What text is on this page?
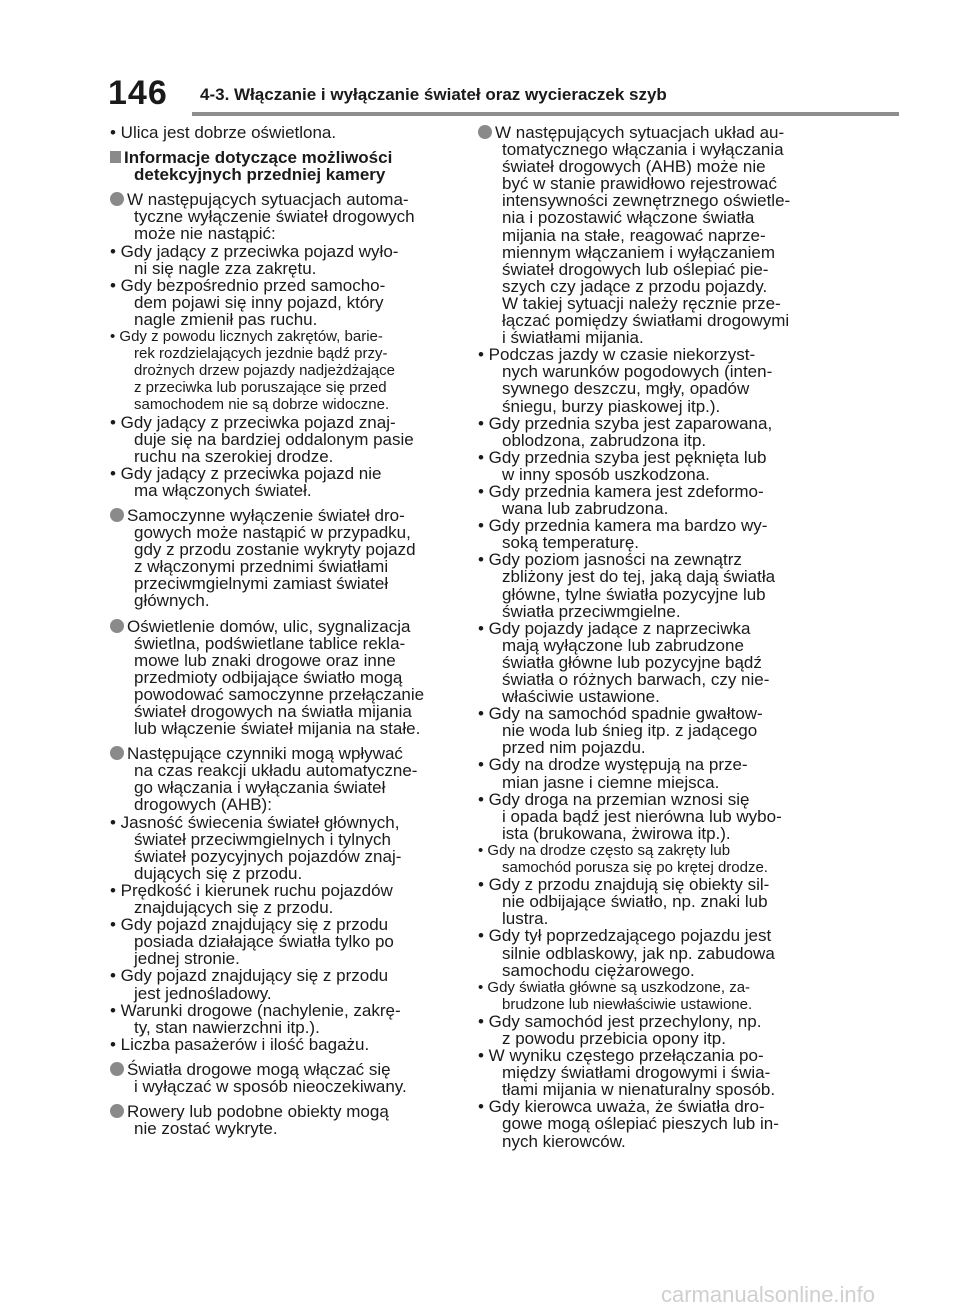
146 4-3. Włączanie i wyłączanie świateł oraz wycieraczek szyb
• Ulica jest dobrze oświetlona.
Informacje dotyczące możliwości
detekcyjnych przedniej kamery
W następujących sytuacjach automa-
tyczne wyłączenie świateł drogowych
może nie nastąpić:
• Gdy jadący z przeciwka pojazd wyło-
ni się nagle zza zakrętu.
• Gdy bezpośrednio przed samocho-
dem pojawi się inny pojazd, który
nagle zmienił pas ruchu.
• Gdy z powodu licznych zakrętów, barie-
rek rozdzielających jezdnie bądź przy-
drożnych drzew pojazdy nadjeżdżające
z przeciwka lub poruszające się przed
samochodem nie są dobrze widoczne.
• Gdy jadący z przeciwka pojazd znaj-
duje się na bardziej oddalonym pasie
ruchu na szerokiej drodze.
• Gdy jadący z przeciwka pojazd nie
ma włączonych świateł.
Samoczynne wyłączenie świateł dro-
gowych może nastąpić w przypadku,
gdy z przodu zostanie wykryty pojazd
z włączonymi przednimi światłami
przeciwmgielnymi zamiast świateł
głównych.
Oświetlenie domów, ulic, sygnalizacja
świetlna, podświetlane tablice rekla-
mowe lub znaki drogowe oraz inne
przedmioty odbijające światło mogą
powodować samoczynne przełączanie
świateł drogowych na światła mijania
lub włączenie świateł mijania na stałe.
Następujące czynniki mogą wpływać
na czas reakcji układu automatyczne-
go włączania i wyłączania świateł
drogowych (AHB):
• Jasność świecenia świateł głównych,
świateł przeciwmgielnych i tylnych
świateł pozycyjnych pojazdów znaj-
dujących się z przodu.
• Prędkość i kierunek ruchu pojazdów
znajdujących się z przodu.
• Gdy pojazd znajdujący się z przodu
posiada działające światła tylko po
jednej stronie.
• Gdy pojazd znajdujący się z przodu
jest jednośladowy.
• Warunki drogowe (nachylenie, zakrę-
ty, stan nawierzchni itp.).
• Liczba pasażerów i ilość bagażu.
Światła drogowe mogą włączać się
i wyłączać w sposób nieoczekiwany.
Rowery lub podobne obiekty mogą
nie zostać wykryte.
W następujących sytuacjach układ au-
tomatycznego włączania i wyłączania
świateł drogowych (AHB) może nie
być w stanie prawidłowo rejestrować
intensywności zewnętrznego oświetle-
nia i pozostawić włączone światła
mijania na stałe, reagować naprze-
miennym włączaniem i wyłączaniem
świateł drogowych lub oślepiać pie-
szych czy jadące z przodu pojazdy.
W takiej sytuacji należy ręcznie prze-
łączać pomiędzy światłami drogowymi
i światłami mijania.
• Podczas jazdy w czasie niekorzyst-
nych warunków pogodowych (inten-
sywnego deszczu, mgły, opadów
śniegu, burzy piaskowej itp.).
• Gdy przednia szyba jest zaparowana,
oblodzona, zabrudzona itp.
• Gdy przednia szyba jest pęknięta lub
w inny sposób uszkodzona.
• Gdy przednia kamera jest zdeformo-
wana lub zabrudzona.
• Gdy przednia kamera ma bardzo wy-
soką temperaturę.
• Gdy poziom jasności na zewnątrz
zbliżony jest do tej, jaką dają światła
główne, tylne światła pozycyjne lub
światła przeciwmgielne.
• Gdy pojazdy jadące z naprzeciwka
mają wyłączone lub zabrudzone
światła główne lub pozycyjne bądź
światła o różnych barwach, czy nie-
właściwie ustawione.
• Gdy na samochód spadnie gwałtow-
nie woda lub śnieg itp. z jadącego
przed nim pojazdu.
• Gdy na drodze występują na prze-
mian jasne i ciemne miejsca.
• Gdy droga na przemian wznosi się
i opada bądź jest nierówna lub wybo-
ista (brukowana, żwirowa itp.).
• Gdy na drodze często są zakręty lub
samochód porusza się po krętej drodze.
• Gdy z przodu znajdują się obiekty sil-
nie odbijające światło, np. znaki lub
lustra.
• Gdy tył poprzedzającego pojazdu jest
silnie odblaskowy, jak np. zabudowa
samochodu ciężarowego.
• Gdy światła główne są uszkodzone, za-
brudzone lub niewłaściwie ustawione.
• Gdy samochód jest przechylony, np.
z powodu przebicia opony itp.
• W wyniku częstego przełączania po-
między światłami drogowymi i świa-
tłami mijania w nienaturalny sposób.
• Gdy kierowca uważa, że światła dro-
gowe mogą oślepiać pieszych lub in-
nych kierowców.
carmanualsonline.info
